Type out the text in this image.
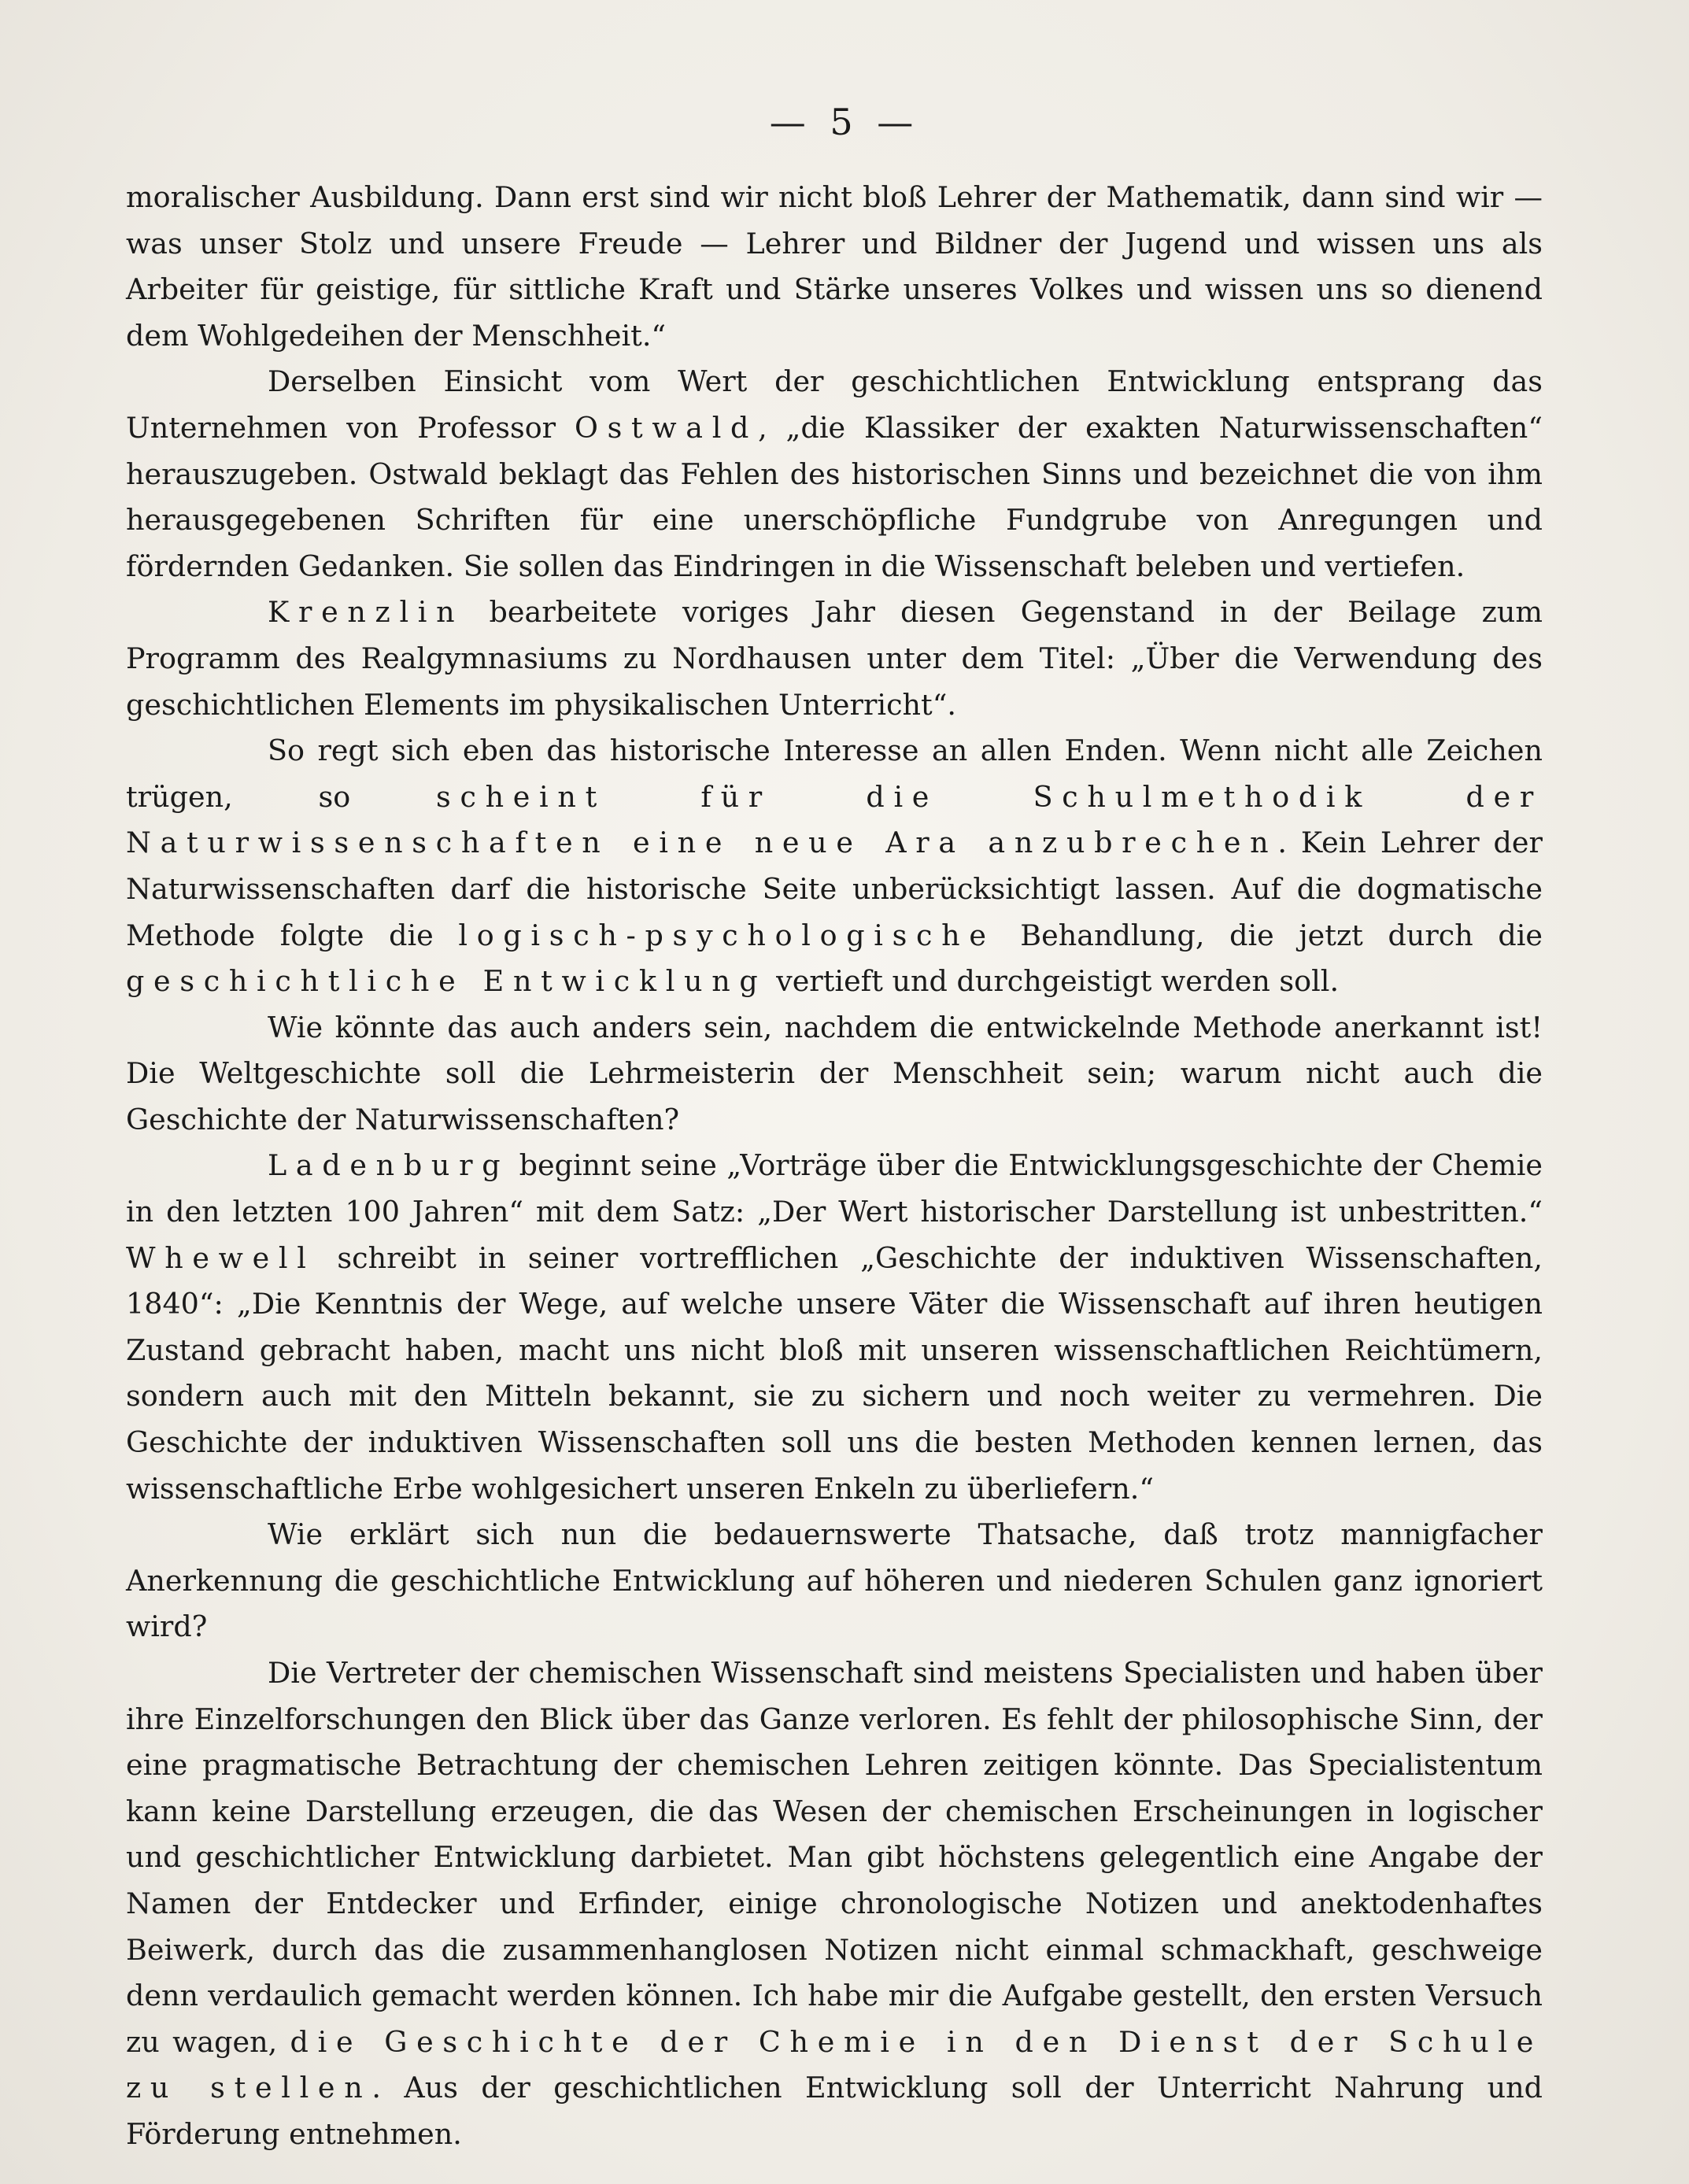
— 5 —

moralischer Ausbildung. Dann erst sind wir nicht bloß Lehrer der Mathematik, dann sind wir — was unser Stolz und unsere Freude — Lehrer und Bildner der Jugend und wissen uns als Arbeiter für geistige, für sittliche Kraft und Stärke unseres Volkes und wissen uns so dienend dem Wohlgedeihen der Menschheit.“

Derselben Einsicht vom Wert der geschichtlichen Entwicklung entsprang das Unternehmen von Professor Ostwald, „die Klassiker der exakten Naturwissenschaften“ herauszugeben. Ostwald beklagt das Fehlen des historischen Sinns und bezeichnet die von ihm herausgegebenen Schriften für eine unerschöpfliche Fundgrube von Anregungen und fördernden Gedanken. Sie sollen das Eindringen in die Wissenschaft beleben und vertiefen.

Krenzlin bearbeitete voriges Jahr diesen Gegenstand in der Beilage zum Programm des Realgymnasiums zu Nordhausen unter dem Titel: „Über die Verwendung des geschichtlichen Elements im physikalischen Unterricht“.

So regt sich eben das historische Interesse an allen Enden. Wenn nicht alle Zeichen trügen, so scheint für die Schulmethodik der Naturwissenschaften eine neue Ara anzubrechen. Kein Lehrer der Naturwissenschaften darf die historische Seite unberücksichtigt lassen. Auf die dogmatische Methode folgte die logisch-psychologische Behandlung, die jetzt durch die geschichtliche Entwicklung vertieft und durchgeistigt werden soll.

Wie könnte das auch anders sein, nachdem die entwickelnde Methode anerkannt ist! Die Weltgeschichte soll die Lehrmeisterin der Menschheit sein; warum nicht auch die Geschichte der Naturwissenschaften?

Ladenburg beginnt seine „Vorträge über die Entwicklungsgeschichte der Chemie in den letzten 100 Jahren“ mit dem Satz: „Der Wert historischer Darstellung ist unbestritten.“ Whewell schreibt in seiner vortrefflichen „Geschichte der induktiven Wissenschaften, 1840“: „Die Kenntnis der Wege, auf welche unsere Väter die Wissenschaft auf ihren heutigen Zustand gebracht haben, macht uns nicht bloß mit unseren wissenschaftlichen Reichtümern, sondern auch mit den Mitteln bekannt, sie zu sichern und noch weiter zu vermehren. Die Geschichte der induktiven Wissenschaften soll uns die besten Methoden kennen lernen, das wissenschaftliche Erbe wohlgesichert unseren Enkeln zu überliefern.“

Wie erklärt sich nun die bedauernswerte Thatsache, daß trotz mannigfacher Anerkennung die geschichtliche Entwicklung auf höheren und niederen Schulen ganz ignoriert wird?

Die Vertreter der chemischen Wissenschaft sind meistens Specialisten und haben über ihre Einzelforschungen den Blick über das Ganze verloren. Es fehlt der philosophische Sinn, der eine pragmatische Betrachtung der chemischen Lehren zeitigen könnte. Das Specialistentum kann keine Darstellung erzeugen, die das Wesen der chemischen Erscheinungen in logischer und geschichtlicher Entwicklung darbietet. Man gibt höchstens gelegentlich eine Angabe der Namen der Entdecker und Erfinder, einige chronologische Notizen und anektodenhaftes Beiwerk, durch das die zusammenhanglosen Notizen nicht einmal schmackhaft, geschweige denn verdaulich gemacht werden können. Ich habe mir die Aufgabe gestellt, den ersten Versuch zu wagen, die Geschichte der Chemie in den Dienst der Schule zu stellen. Aus der geschichtlichen Entwicklung soll der Unterricht Nahrung und Förderung entnehmen.
